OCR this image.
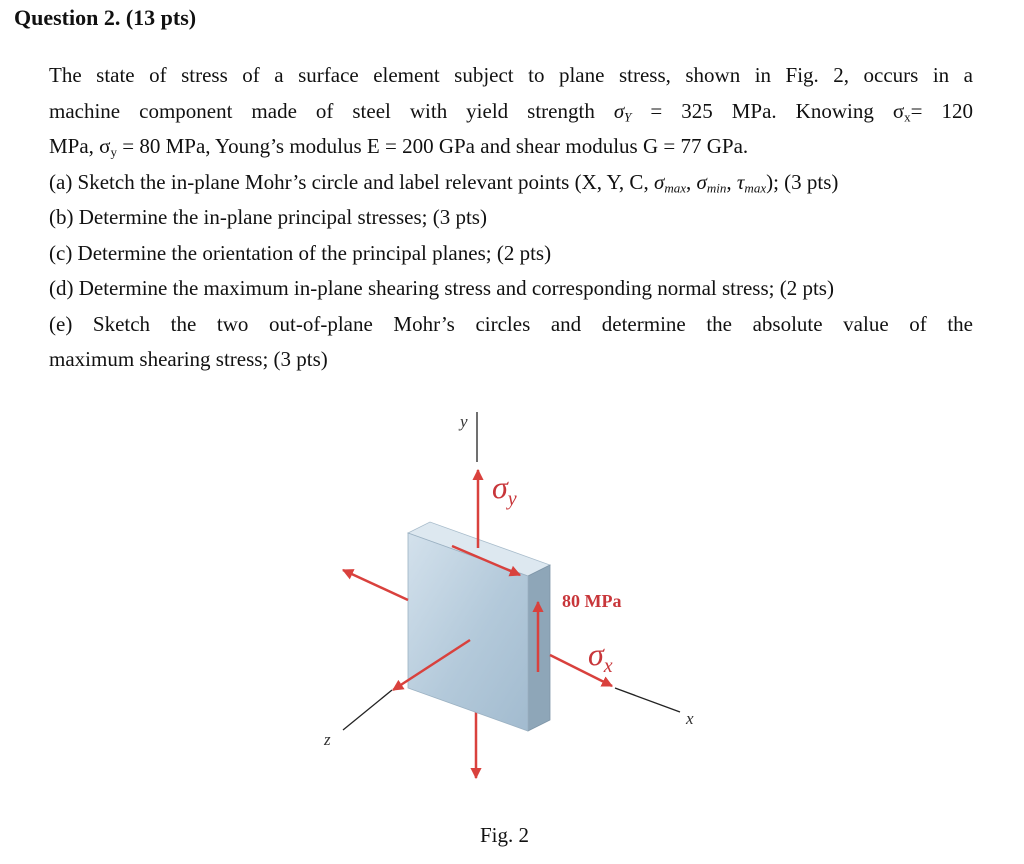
Question 2. (13 pts)
The state of stress of a surface element subject to plane stress, shown in Fig. 2, occurs in a
machine component made of steel with yield strength $\sigma_Y = 325$ MPa. Knowing $\sigma_x= 120$
MPa, $\sigma_y = 80$ MPa, Young’s modulus E = 200 GPa and shear modulus G = 77 GPa.
(a) Sketch the in-plane Mohr’s circle and label relevant points (X, Y, C, $\sigma_{max}$, $\sigma_{min}$, $\tau_{max}$); (3 pts)
(b) Determine the in-plane principal stresses; (3 pts)
(c) Determine the orientation of the principal planes; (2 pts)
(d) Determine the maximum in-plane shearing stress and corresponding normal stress; (2 pts)
(e) Sketch the two out-of-plane Mohr’s circles and determine the absolute value of the
maximum shearing stress; (3 pts)
y
x
z
$\sigma_y$
80 MPa
$\sigma_x$
Fig. 2
